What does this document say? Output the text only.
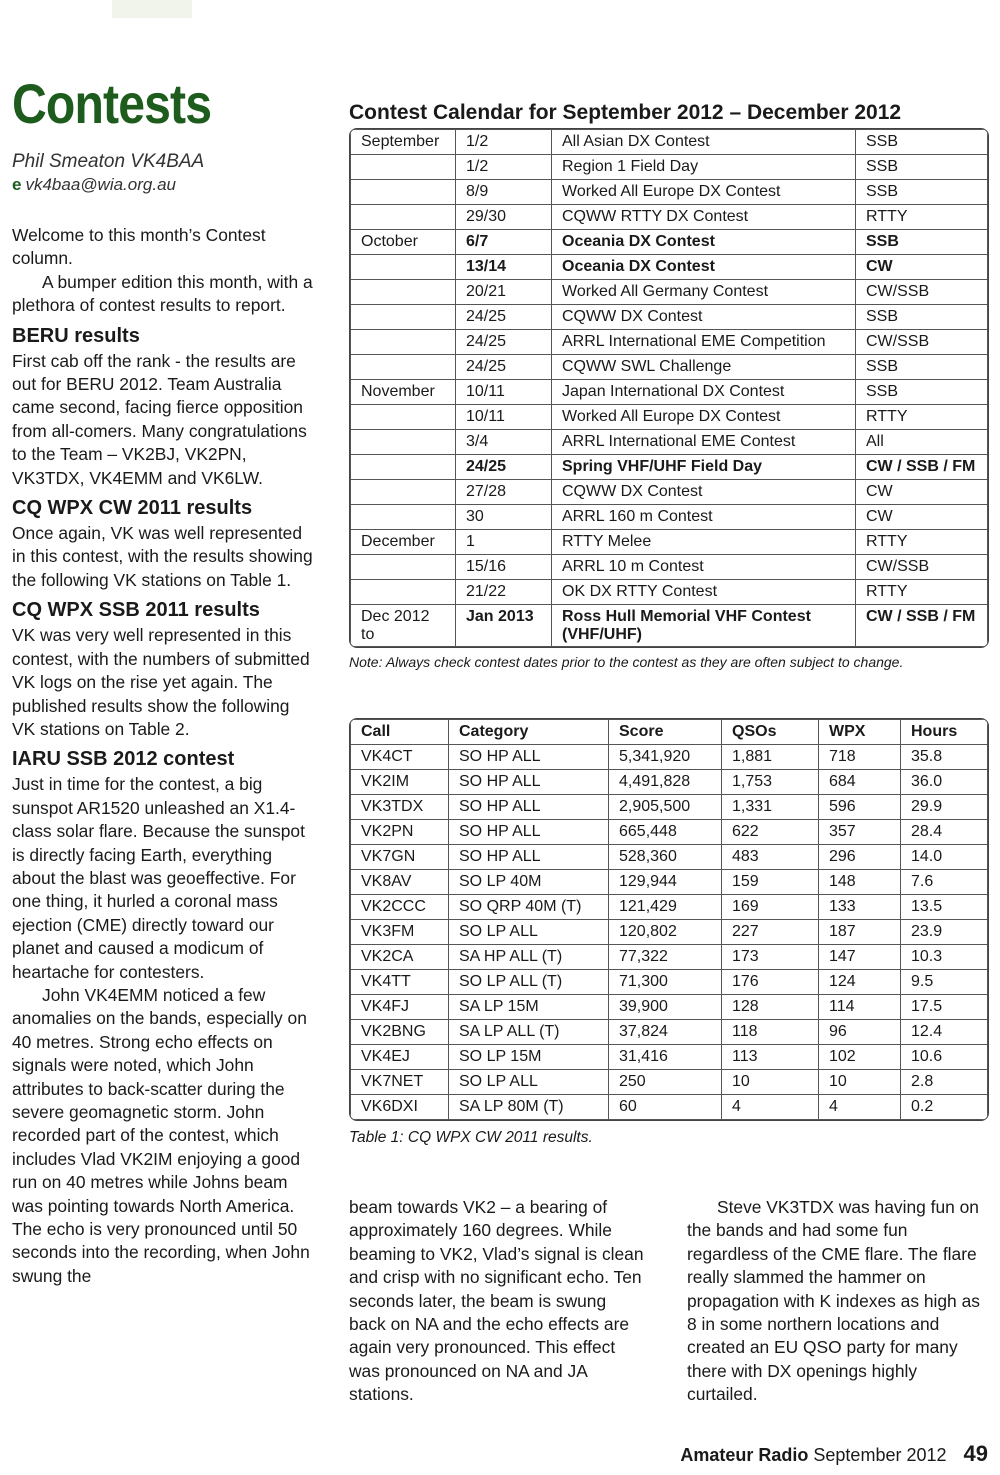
Contests
Phil Smeaton VK4BAA
e vk4baa@wia.org.au

Welcome to this month’s Contest column.

A bumper edition this month, with a plethora of contest results to report.

BERU results

First cab off the rank - the results are out for BERU 2012. Team Australia came second, facing fierce opposition from all-comers. Many congratulations to the Team – VK2BJ, VK2PN, VK3TDX, VK4EMM and VK6LW.

CQ WPX CW 2011 results

Once again, VK was well represented in this contest, with the results showing the following VK stations on Table 1.

CQ WPX SSB 2011 results

VK was very well represented in this contest, with the numbers of submitted VK logs on the rise yet again. The published results show the following VK stations on Table 2.

IARU SSB 2012 contest

Just in time for the contest, a big sunspot AR1520 unleashed an X1.4-class solar flare. Because the sunspot is directly facing Earth, everything about the blast was geoeffective. For one thing, it hurled a coronal mass ejection (CME) directly toward our planet and caused a modicum of heartache for contesters.

John VK4EMM noticed a few anomalies on the bands, especially on 40 metres. Strong echo effects on signals were noted, which John attributes to back-scatter during the severe geomagnetic storm. John recorded part of the contest, which includes Vlad VK2IM enjoying a good run on 40 metres while Johns beam was pointing towards North America. The echo is very pronounced until 50 seconds into the recording, when John swung the

Contest Calendar for September 2012 – December 2012
September	1/2	All Asian DX Contest	SSB
	1/2	Region 1 Field Day	SSB
	8/9	Worked All Europe DX Contest	SSB
	29/30	CQWW RTTY DX Contest	RTTY
October	6/7	Oceania DX Contest	SSB
	13/14	Oceania DX Contest	CW
	20/21	Worked All Germany Contest	CW/SSB
	24/25	CQWW DX Contest	SSB
	24/25	ARRL International EME Competition	CW/SSB
	24/25	CQWW SWL Challenge	SSB
November	10/11	Japan International DX Contest	SSB
	10/11	Worked All Europe DX Contest	RTTY
	3/4	ARRL International EME Contest	All
	24/25	Spring VHF/UHF Field Day	CW / SSB / FM
	27/28	CQWW DX Contest	CW
	30	ARRL 160 m Contest	CW
December	1	RTTY Melee	RTTY
	15/16	ARRL 10 m Contest	CW/SSB
	21/22	OK DX RTTY Contest	RTTY
Dec 2012 to	Jan 2013	Ross Hull Memorial VHF Contest (VHF/UHF)	CW / SSB / FM

Note: Always check contest dates prior to the contest as they are often subject to change.

Call	Category	Score	QSOs	WPX	Hours
VK4CT	SO HP ALL	5,341,920	1,881	718	35.8
VK2IM	SO HP ALL	4,491,828	1,753	684	36.0
VK3TDX	SO HP ALL	2,905,500	1,331	596	29.9
VK2PN	SO HP ALL	665,448	622	357	28.4
VK7GN	SO HP ALL	528,360	483	296	14.0
VK8AV	SO LP 40M	129,944	159	148	7.6
VK2CCC	SO QRP 40M (T)	121,429	169	133	13.5
VK3FM	SO LP ALL	120,802	227	187	23.9
VK2CA	SA HP ALL (T)	77,322	173	147	10.3
VK4TT	SO LP ALL (T)	71,300	176	124	9.5
VK4FJ	SA LP 15M	39,900	128	114	17.5
VK2BNG	SA LP ALL (T)	37,824	118	96	12.4
VK4EJ	SO LP 15M	31,416	113	102	10.6
VK7NET	SO LP ALL	250	10	10	2.8
VK6DXI	SA LP 80M (T)	60	4	4	0.2

Table 1: CQ WPX CW 2011 results.

beam towards VK2 – a bearing of approximately 160 degrees. While beaming to VK2, Vlad’s signal is clean and crisp with no significant echo. Ten seconds later, the beam is swung back on NA and the echo effects are again very pronounced. This effect was pronounced on NA and JA stations.

Steve VK3TDX was having fun on the bands and had some fun regardless of the CME flare. The flare really slammed the hammer on propagation with K indexes as high as 8 in some northern locations and created an EU QSO party for many there with DX openings highly curtailed.

Amateur Radio September 2012 49
